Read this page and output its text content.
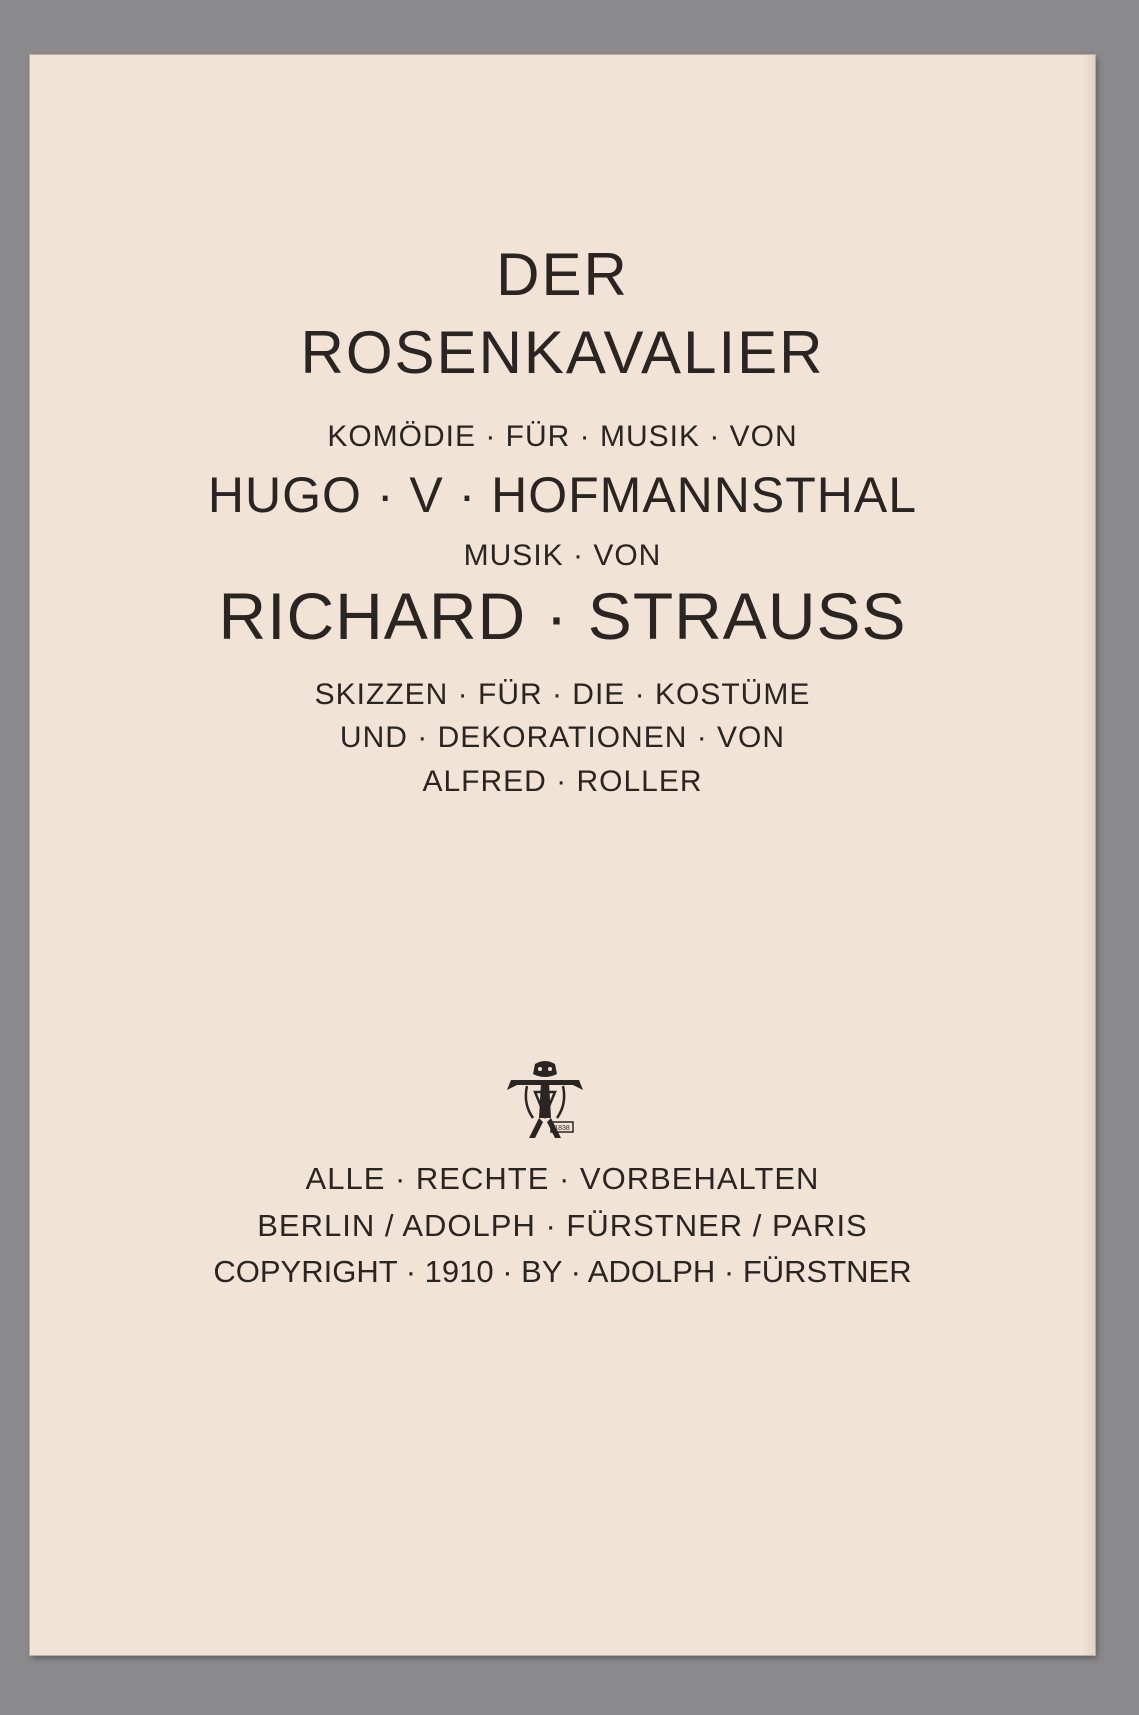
DER
ROSENKAVALIER
KOMÖDIE · FÜR · MUSIK · VON
HUGO · V · HOFMANNSTHAL
MUSIK · VON
RICHARD · STRAUSS
SKIZZEN · FÜR · DIE · KOSTÜME
UND · DEKORATIONEN · VON
ALFRED · ROLLER
1838
ALLE · RECHTE · VORBEHALTEN
BERLIN / ADOLPH · FÜRSTNER / PARIS
COPYRIGHT · 1910 · BY · ADOLPH · FÜRSTNER
